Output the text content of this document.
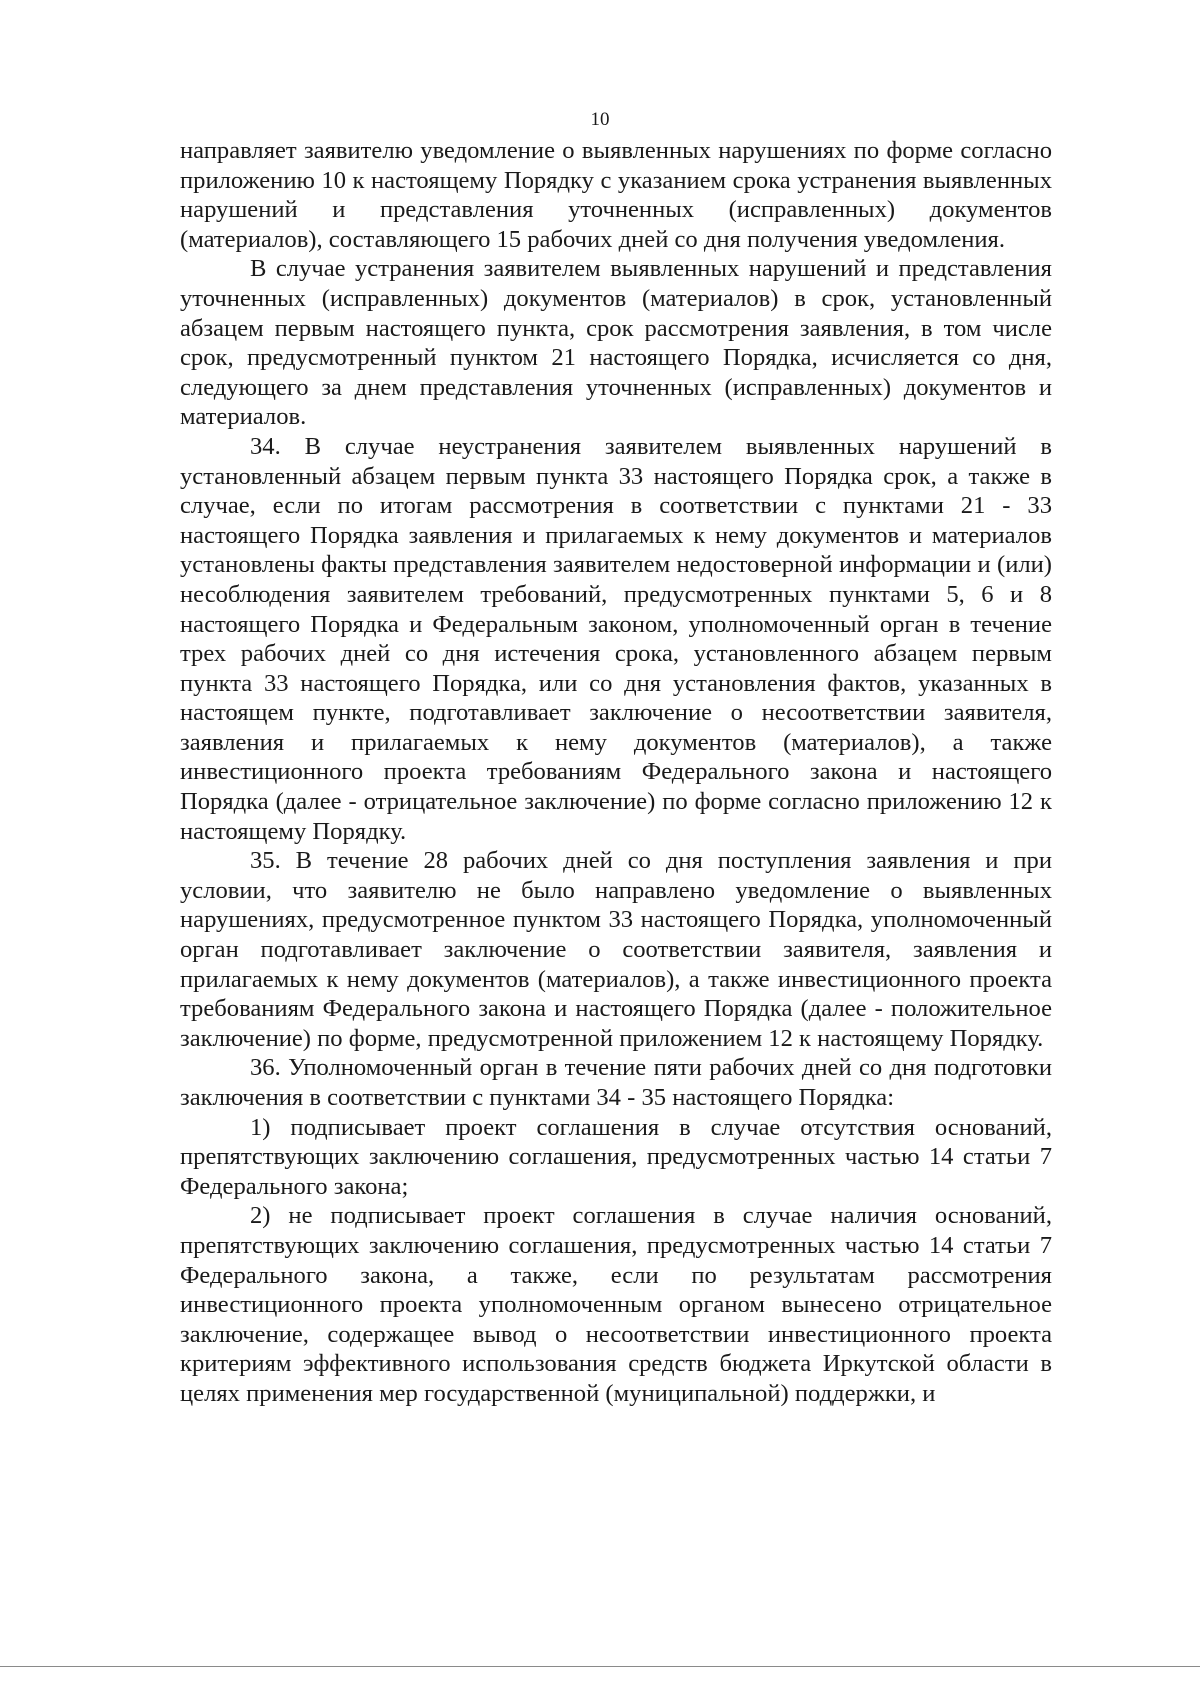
10

направляет заявителю уведомление о выявленных нарушениях по форме согласно приложению 10 к настоящему Порядку с указанием срока устранения выявленных нарушений и представления уточненных (исправленных) документов (материалов), составляющего 15 рабочих дней со дня получения уведомления.

В случае устранения заявителем выявленных нарушений и представления уточненных (исправленных) документов (материалов) в срок, установленный абзацем первым настоящего пункта, срок рассмотрения заявления, в том числе срок, предусмотренный пунктом 21 настоящего Порядка, исчисляется со дня, следующего за днем представления уточненных (исправленных) документов и материалов.

34. В случае неустранения заявителем выявленных нарушений в установленный абзацем первым пункта 33 настоящего Порядка срок, а также в случае, если по итогам рассмотрения в соответствии с пунктами 21 - 33 настоящего Порядка заявления и прилагаемых к нему документов и материалов установлены факты представления заявителем недостоверной информации и (или) несоблюдения заявителем требований, предусмотренных пунктами 5, 6 и 8 настоящего Порядка и Федеральным законом, уполномоченный орган в течение трех рабочих дней со дня истечения срока, установленного абзацем первым пункта 33 настоящего Порядка, или со дня установления фактов, указанных в настоящем пункте, подготавливает заключение о несоответствии заявителя, заявления и прилагаемых к нему документов (материалов), а также инвестиционного проекта требованиям Федерального закона и настоящего Порядка (далее - отрицательное заключение) по форме согласно приложению 12 к настоящему Порядку.

35. В течение 28 рабочих дней со дня поступления заявления и при условии, что заявителю не было направлено уведомление о выявленных нарушениях, предусмотренное пунктом 33 настоящего Порядка, уполномоченный орган подготавливает заключение о соответствии заявителя, заявления и прилагаемых к нему документов (материалов), а также инвестиционного проекта требованиям Федерального закона и настоящего Порядка (далее - положительное заключение) по форме, предусмотренной приложением 12 к настоящему Порядку.

36. Уполномоченный орган в течение пяти рабочих дней со дня подготовки заключения в соответствии с пунктами 34 - 35 настоящего Порядка:

1) подписывает проект соглашения в случае отсутствия оснований, препятствующих заключению соглашения, предусмотренных частью 14 статьи 7 Федерального закона;

2) не подписывает проект соглашения в случае наличия оснований, препятствующих заключению соглашения, предусмотренных частью 14 статьи 7 Федерального закона, а также, если по результатам рассмотрения инвестиционного проекта уполномоченным органом вынесено отрицательное заключение, содержащее вывод о несоответствии инвестиционного проекта критериям эффективного использования средств бюджета Иркутской области в целях применения мер государственной (муниципальной) поддержки, и
